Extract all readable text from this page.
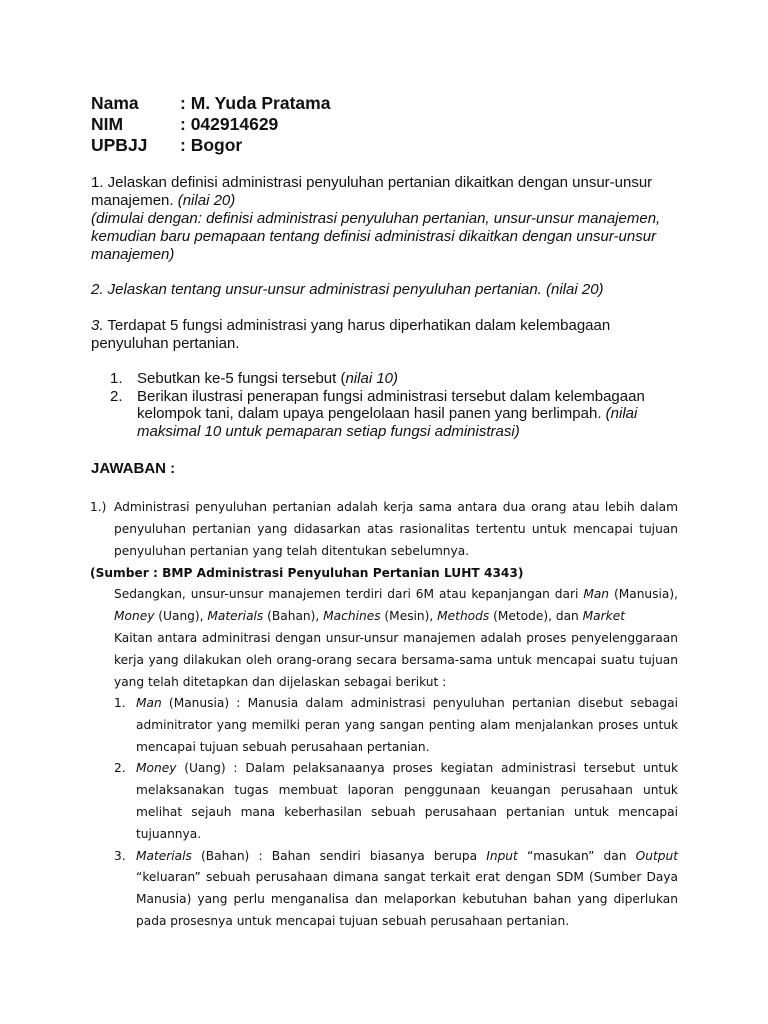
Nama	: M. Yuda Pratama
NIM	: 042914629
UPBJJ	: Bogor
1. Jelaskan definisi administrasi penyuluhan pertanian dikaitkan dengan unsur-unsur manajemen. (nilai 20)
(dimulai dengan: definisi administrasi penyuluhan pertanian, unsur-unsur manajemen, kemudian baru pemapaan tentang definisi administrasi dikaitkan dengan unsur-unsur manajemen)
2. Jelaskan tentang unsur-unsur administrasi penyuluhan pertanian. (nilai 20)
3. Terdapat 5 fungsi administrasi yang harus diperhatikan dalam kelembagaan penyuluhan pertanian.
1. Sebutkan ke-5 fungsi tersebut (nilai 10)
2. Berikan ilustrasi penerapan fungsi administrasi tersebut dalam kelembagaan kelompok tani, dalam upaya pengelolaan hasil panen yang berlimpah. (nilai maksimal 10 untuk pemaparan setiap fungsi administrasi)
JAWABAN :
1.) Administrasi penyuluhan pertanian adalah kerja sama antara dua orang atau lebih dalam penyuluhan pertanian yang didasarkan atas rasionalitas tertentu untuk mencapai tujuan penyuluhan pertanian yang telah ditentukan sebelumnya.
(Sumber : BMP Administrasi Penyuluhan Pertanian LUHT 4343)
Sedangkan, unsur-unsur manajemen terdiri dari 6M atau kepanjangan dari Man (Manusia), Money (Uang), Materials (Bahan), Machines (Mesin), Methods (Metode), dan Market
Kaitan antara adminitrasi dengan unsur-unsur manajemen adalah proses penyelenggaraan kerja yang dilakukan oleh orang-orang secara bersama-sama untuk mencapai suatu tujuan yang telah ditetapkan dan dijelaskan sebagai berikut :
1. Man (Manusia) : Manusia dalam administrasi penyuluhan pertanian disebut sebagai adminitrator yang memilki peran yang sangan penting alam menjalankan proses untuk mencapai tujuan sebuah perusahaan pertanian.
2. Money (Uang) : Dalam pelaksanaanya proses kegiatan administrasi tersebut untuk melaksanakan tugas membuat laporan penggunaan keuangan perusahaan untuk melihat sejauh mana keberhasilan sebuah perusahaan pertanian untuk mencapai tujuannya.
3. Materials (Bahan) : Bahan sendiri biasanya berupa Input “masukan” dan Output “keluaran” sebuah perusahaan dimana sangat terkait erat dengan SDM (Sumber Daya Manusia) yang perlu menganalisa dan melaporkan kebutuhan bahan yang diperlukan pada prosesnya untuk mencapai tujuan sebuah perusahaan pertanian.
